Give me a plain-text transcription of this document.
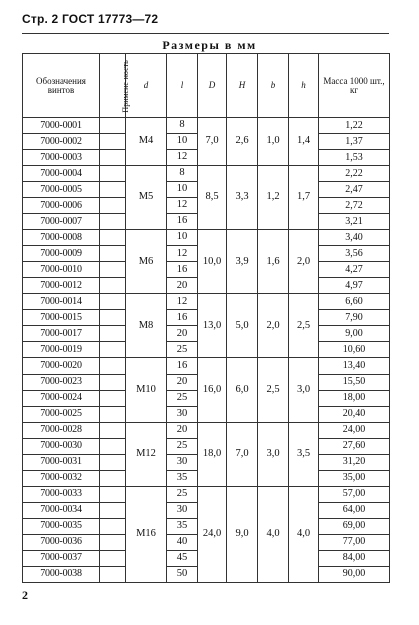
Стр. 2 ГОСТ 17773—72
Размеры в мм
Обозначения винтов	Примене-ность	d	l	D	H	b	h	Масса 1000 шт., кг
7000-0001		M4	8	7,0	2,6	1,0	1,4	1,22
7000-0002			10					1,37
7000-0003			12					1,53
7000-0004		M5	8	8,5	3,3	1,2	1,7	2,22
7000-0005			10					2,47
7000-0006			12					2,72
7000-0007			16					3,21
7000-0008		M6	10	10,0	3,9	1,6	2,0	3,40
7000-0009			12					3,56
7000-0010			16					4,27
7000-0012			20					4,97
7000-0014		M8	12	13,0	5,0	2,0	2,5	6,60
7000-0015			16					7,90
7000-0017			20					9,00
7000-0019			25					10,60
7000-0020		M10	16	16,0	6,0	2,5	3,0	13,40
7000-0023			20					15,50
7000-0024			25					18,00
7000-0025			30					20,40
7000-0028		M12	20	18,0	7,0	3,0	3,5	24,00
7000-0030			25					27,60
7000-0031			30					31,20
7000-0032			35					35,00
7000-0033		M16	25	24,0	9,0	4,0	4,0	57,00
7000-0034			30					64,00
7000-0035			35					69,00
7000-0036			40					77,00
7000-0037			45					84,00
7000-0038			50					90,00
2
